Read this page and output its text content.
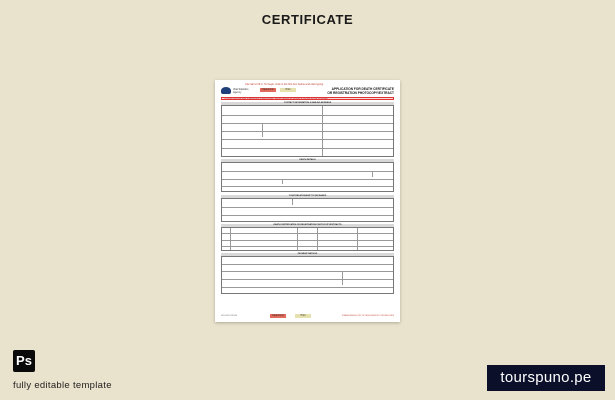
CERTIFICATE
Use tab to fill in. To begin, click in the first box below and start typing.
Vital Statistics Agency
Clear Form	Print	APPLICATION FOR DEATH CERTIFICATE
OR REGISTRATION PHOTOCOPY/EXTRACT
To ensure that your order is delivered in a timely manner, please complete all sections of this form as fully as possible.
CONTACT INFORMATION & MAILING ADDRESS
DEATH DETAILS
YOUR RELATIONSHIP TO DECEASED
DEATH CERTIFICATES OR REGISTRATION PHOTOCOPY/EXTRACTS
PAYMENT METHOD
HLTH 3411 2019/06	Clear Form	Print	PLEASE KEEP A COPY OF THIS FORM FOR YOUR RECORDS
Ps
fully editable template	tourspuno.pe
